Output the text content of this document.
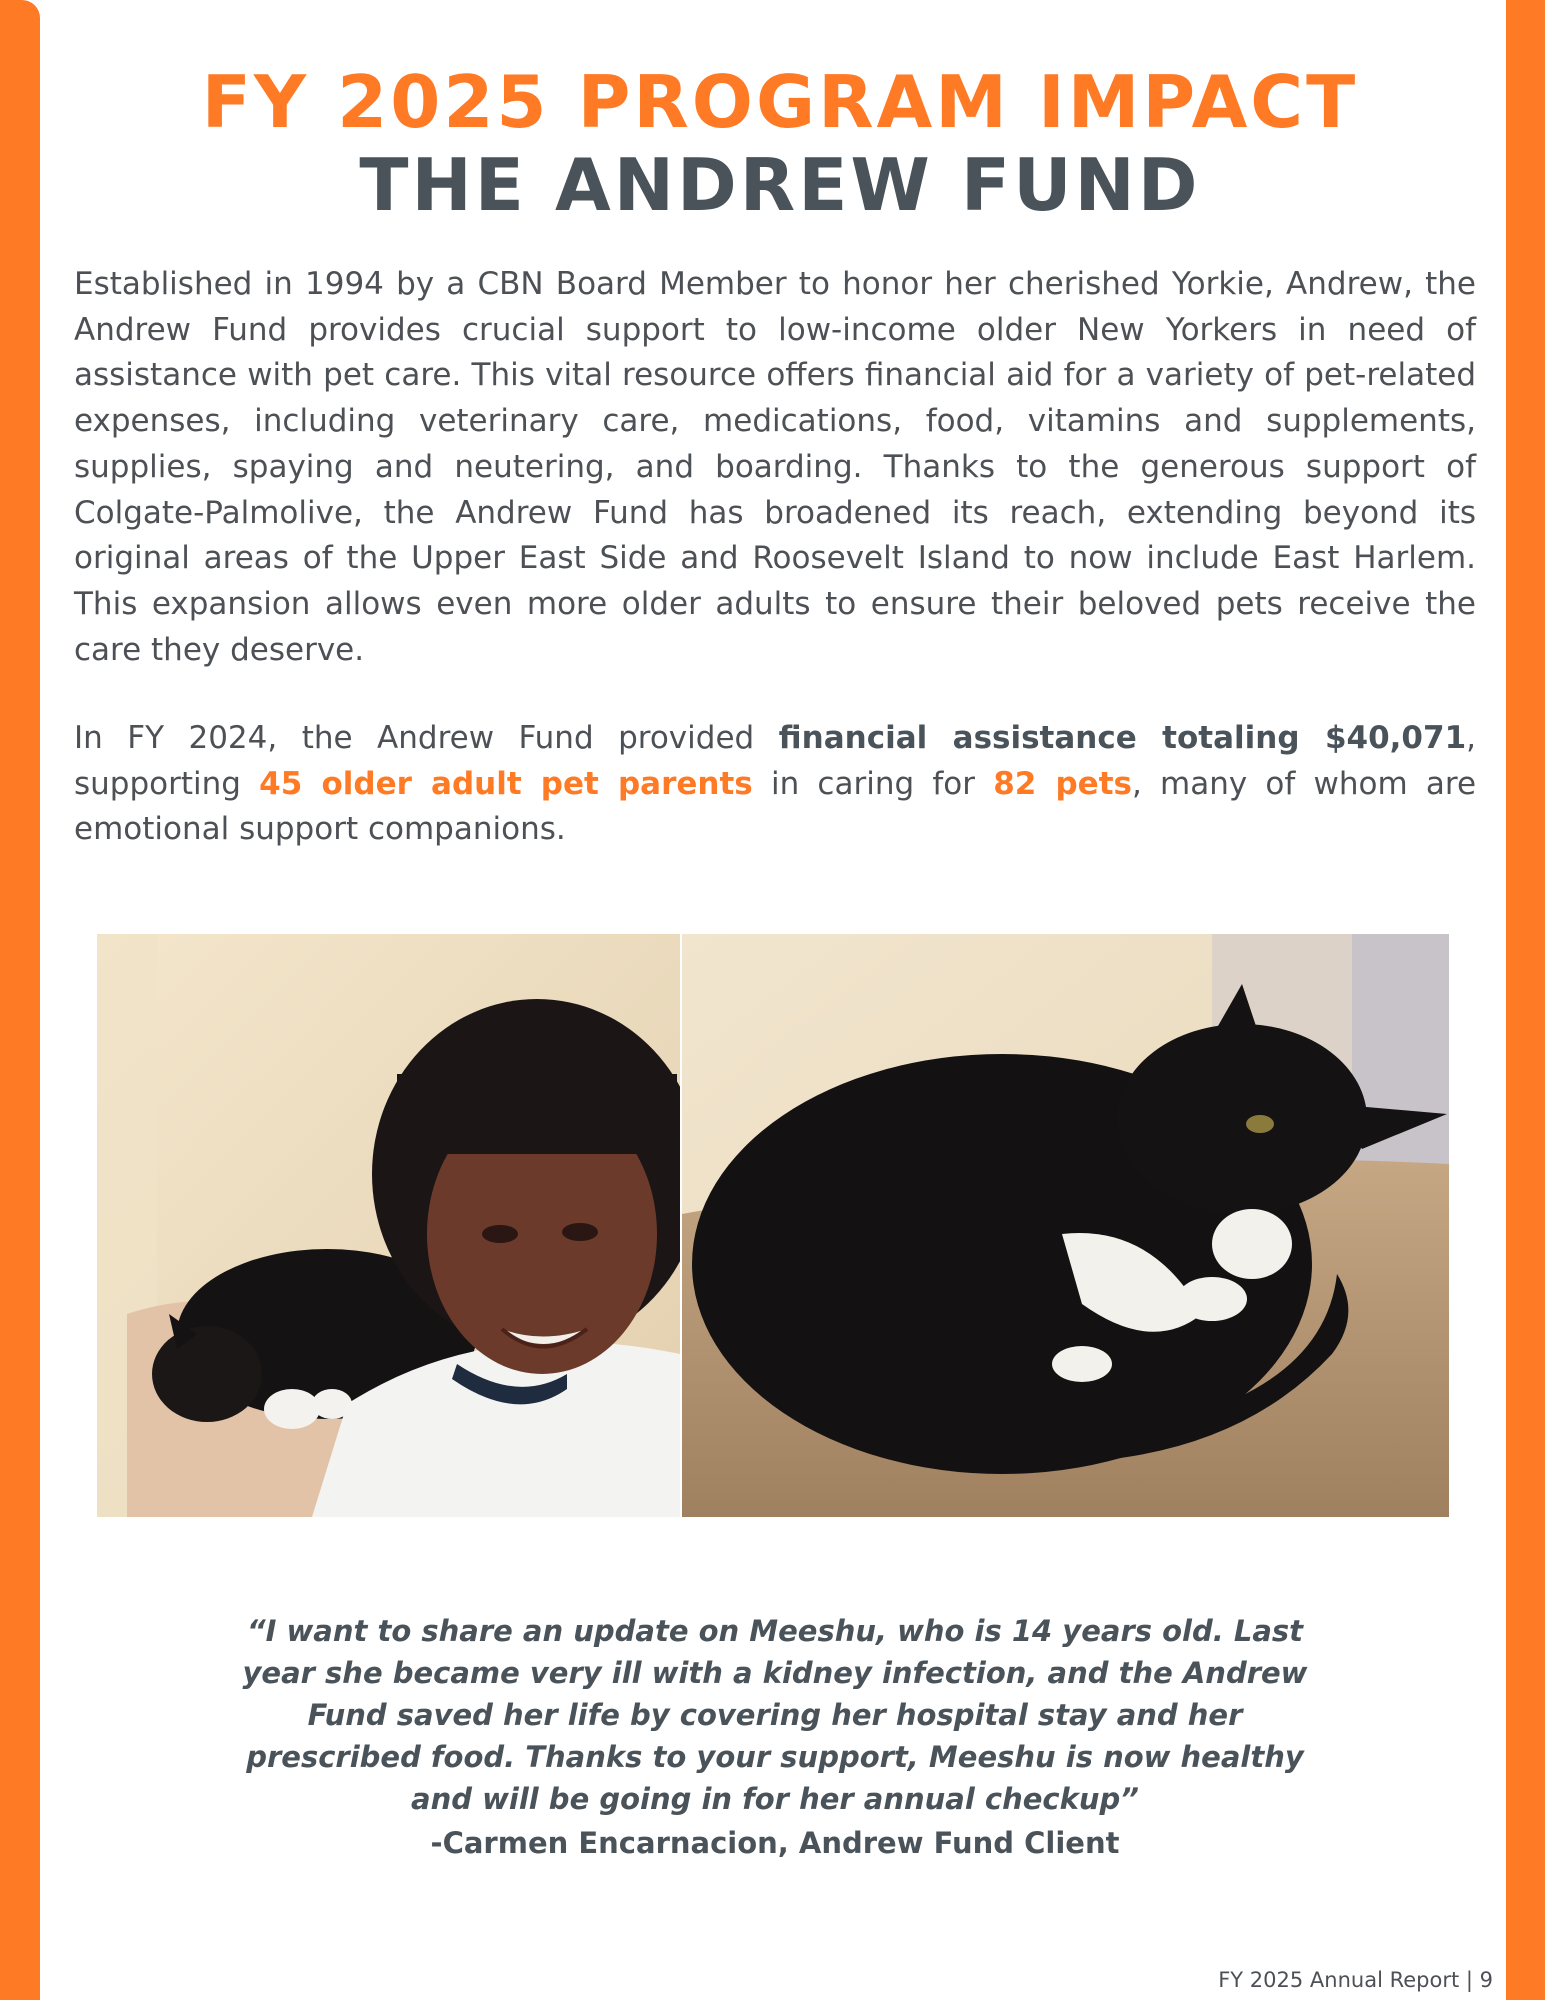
FY 2025 PROGRAM IMPACT
THE ANDREW FUND

Established in 1994 by a CBN Board Member to honor her cherished Yorkie, Andrew, the Andrew Fund provides crucial support to low-income older New Yorkers in need of assistance with pet care. This vital resource offers financial aid for a variety of pet-related expenses, including veterinary care, medications, food, vitamins and supplements, supplies, spaying and neutering, and boarding. Thanks to the generous support of Colgate-Palmolive, the Andrew Fund has broadened its reach, extending beyond its original areas of the Upper East Side and Roosevelt Island to now include East Harlem. This expansion allows even more older adults to ensure their beloved pets receive the care they deserve.

In FY 2024, the Andrew Fund provided financial assistance totaling $40,071, supporting 45 older adult pet parents in caring for 82 pets, many of whom are emotional support companions.

“I want to share an update on Meeshu, who is 14 years old. Last year she became very ill with a kidney infection, and the Andrew Fund saved her life by covering her hospital stay and her prescribed food. Thanks to your support, Meeshu is now healthy and will be going in for her annual checkup”

-Carmen Encarnacion, Andrew Fund Client

FY 2025 Annual Report | 9
